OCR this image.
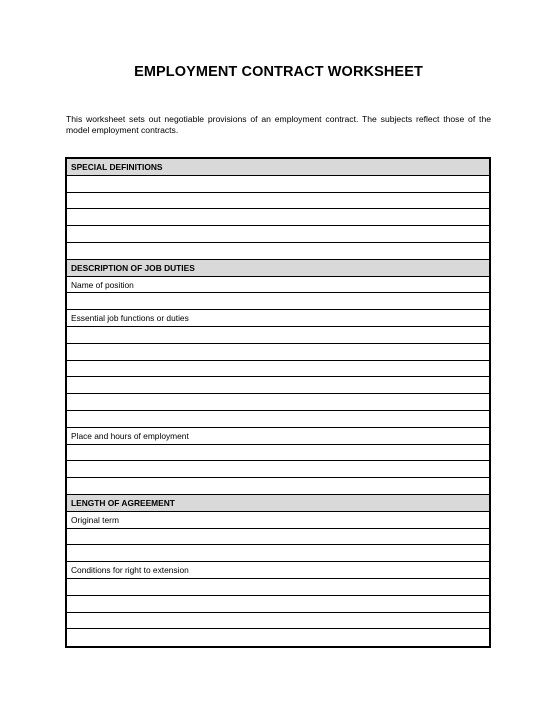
EMPLOYMENT CONTRACT WORKSHEET
This worksheet sets out negotiable provisions of an employment contract. The subjects reflect those of the model employment contracts.
SPECIAL DEFINITIONS
DESCRIPTION OF JOB DUTIES
Name of position
Essential job functions or duties
Place and hours of employment
LENGTH OF AGREEMENT
Original term
Conditions for right to extension
